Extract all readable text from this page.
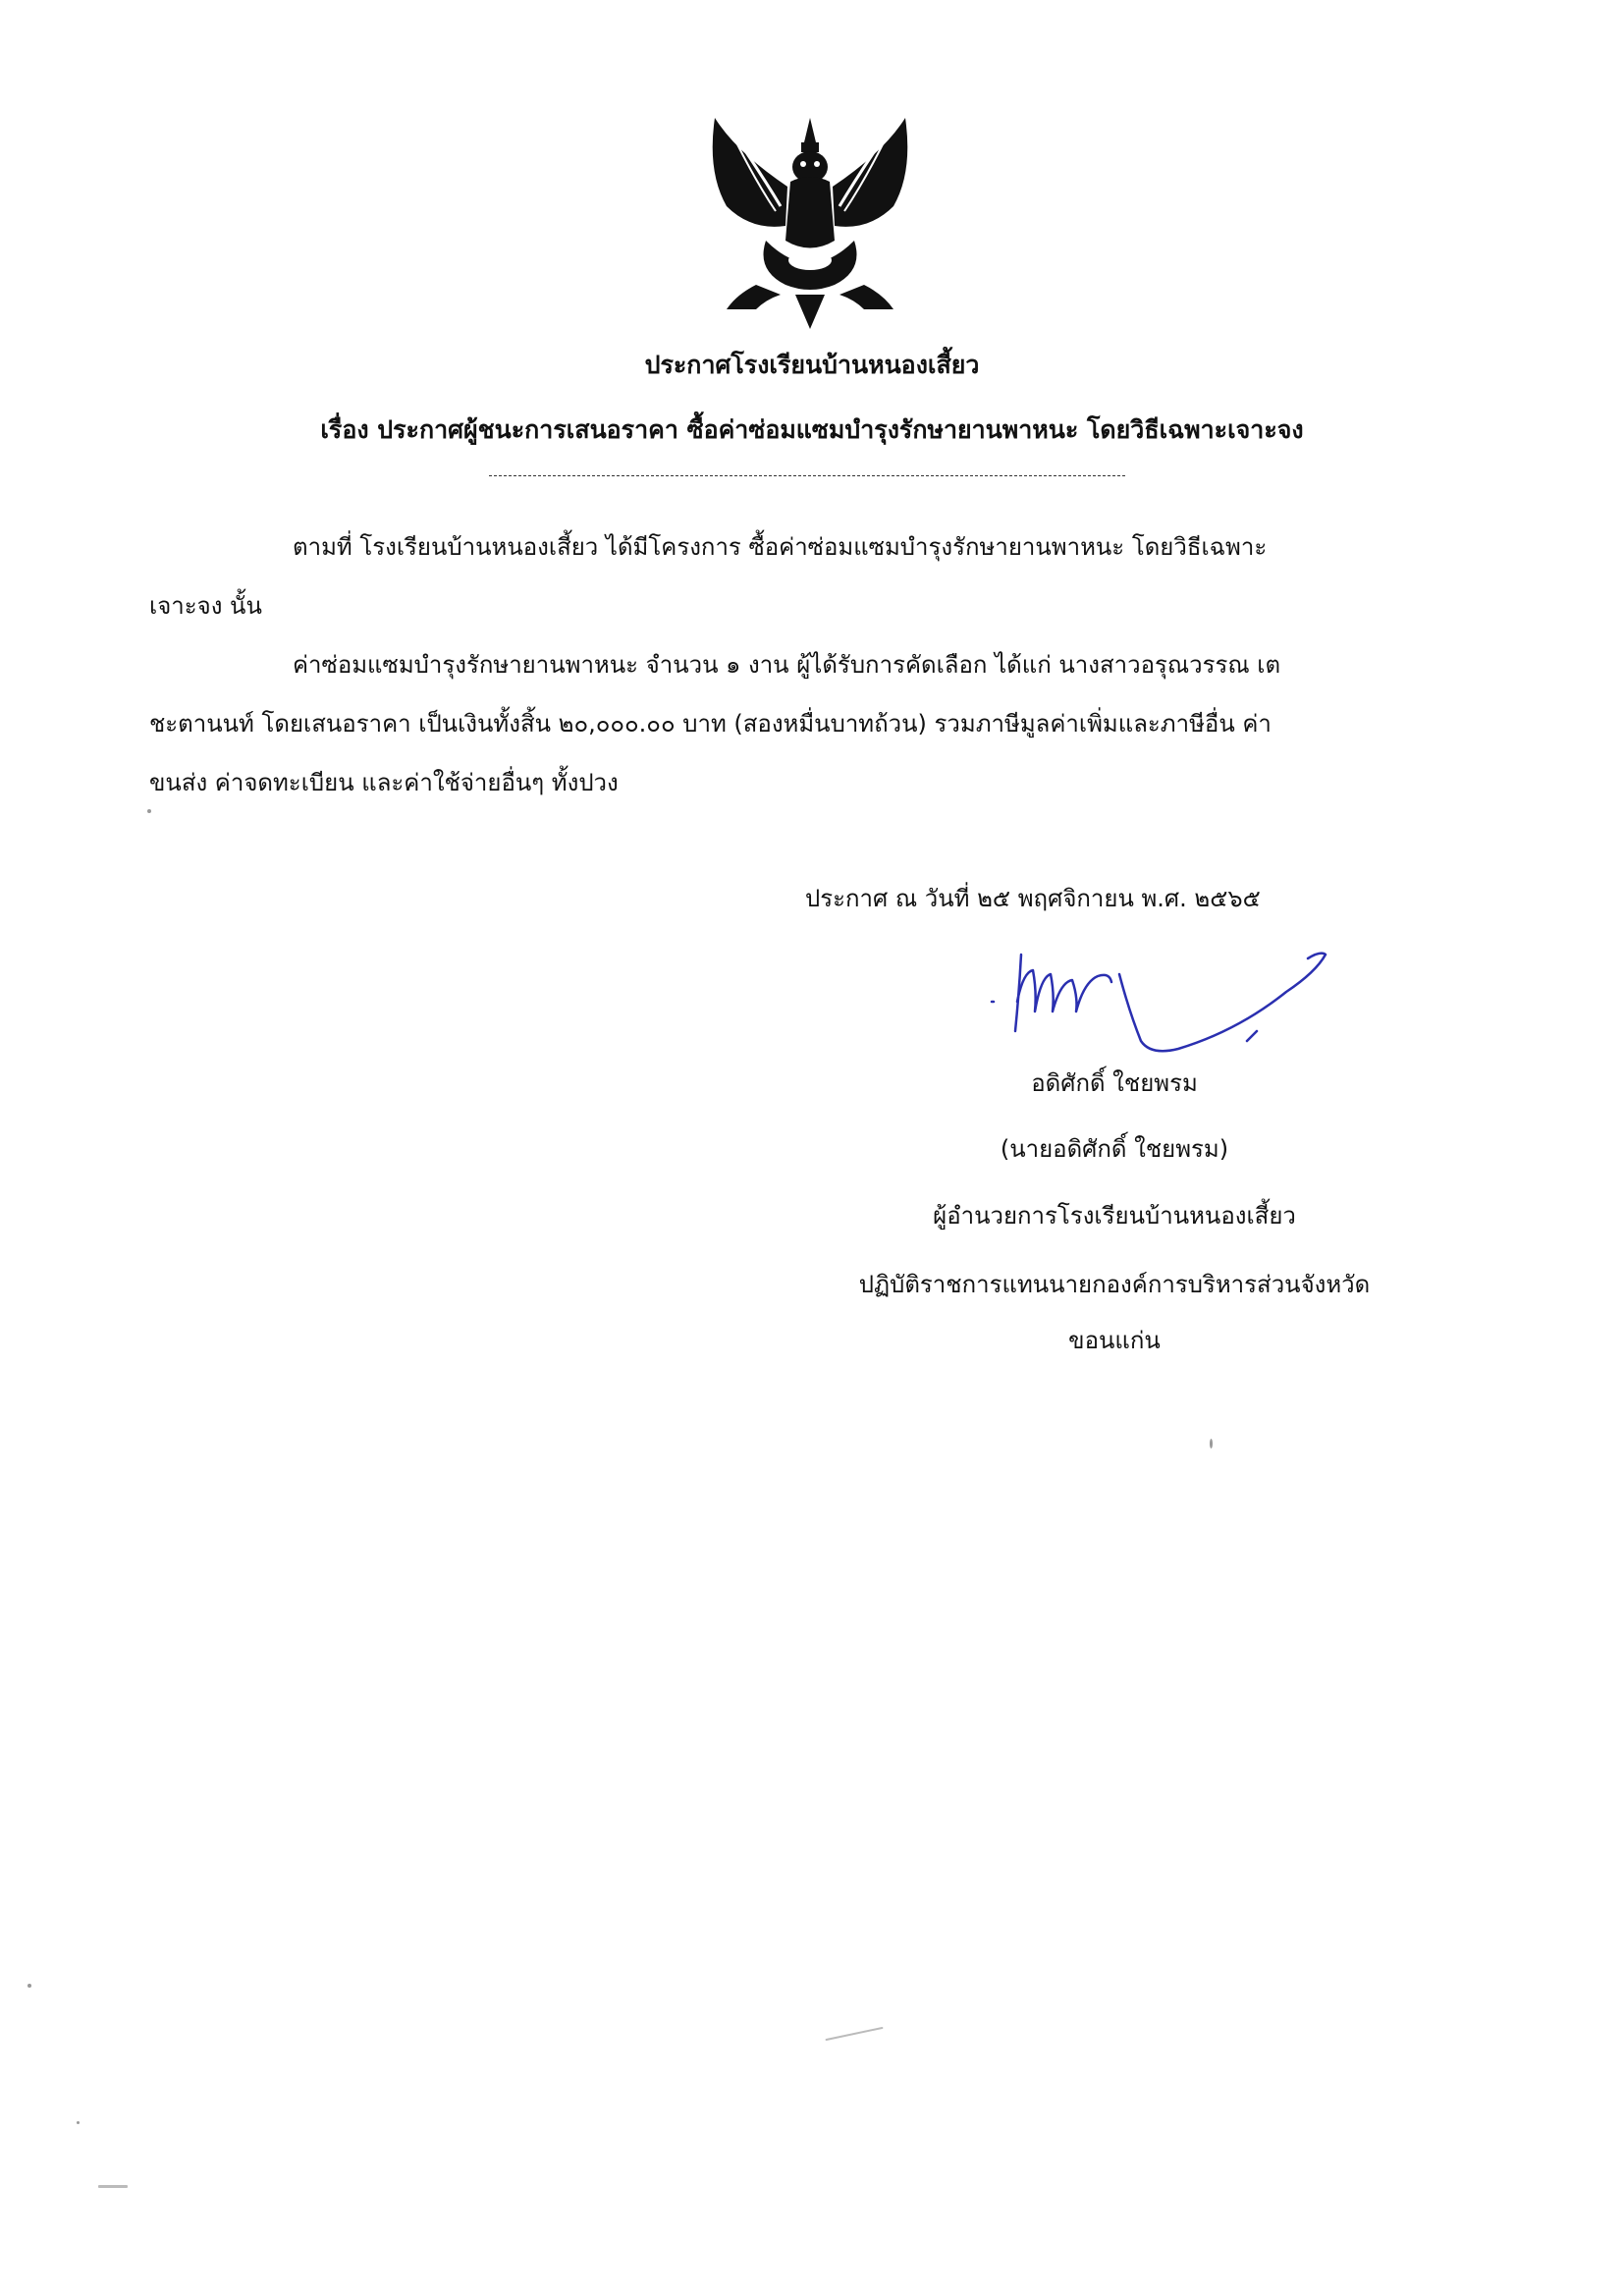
ประกาศโรงเรียนบ้านหนองเสี้ยว
เรื่อง ประกาศผู้ชนะการเสนอราคา ซื้อค่าซ่อมแซมบำรุงรักษายานพาหนะ โดยวิธีเฉพาะเจาะจง
ตามที่ โรงเรียนบ้านหนองเสี้ยว ได้มีโครงการ ซื้อค่าซ่อมแซมบำรุงรักษายานพาหนะ โดยวิธีเฉพาะ
เจาะจง นั้น
ค่าซ่อมแซมบำรุงรักษายานพาหนะ จำนวน ๑ งาน ผู้ได้รับการคัดเลือก ได้แก่ นางสาวอรุณวรรณ เต
ชะตานนท์ โดยเสนอราคา เป็นเงินทั้งสิ้น ๒๐,๐๐๐.๐๐ บาท (สองหมื่นบาทถ้วน) รวมภาษีมูลค่าเพิ่มและภาษีอื่น ค่า
ขนส่ง ค่าจดทะเบียน และค่าใช้จ่ายอื่นๆ ทั้งปวง
ประกาศ ณ วันที่ ๒๕ พฤศจิกายน พ.ศ. ๒๕๖๕
อดิศักดิ์ ใชยพรม
(นายอดิศักดิ์ ใชยพรม)
ผู้อำนวยการโรงเรียนบ้านหนองเสี้ยว
ปฏิบัติราชการแทนนายกองค์การบริหารส่วนจังหวัด
ขอนแก่น
